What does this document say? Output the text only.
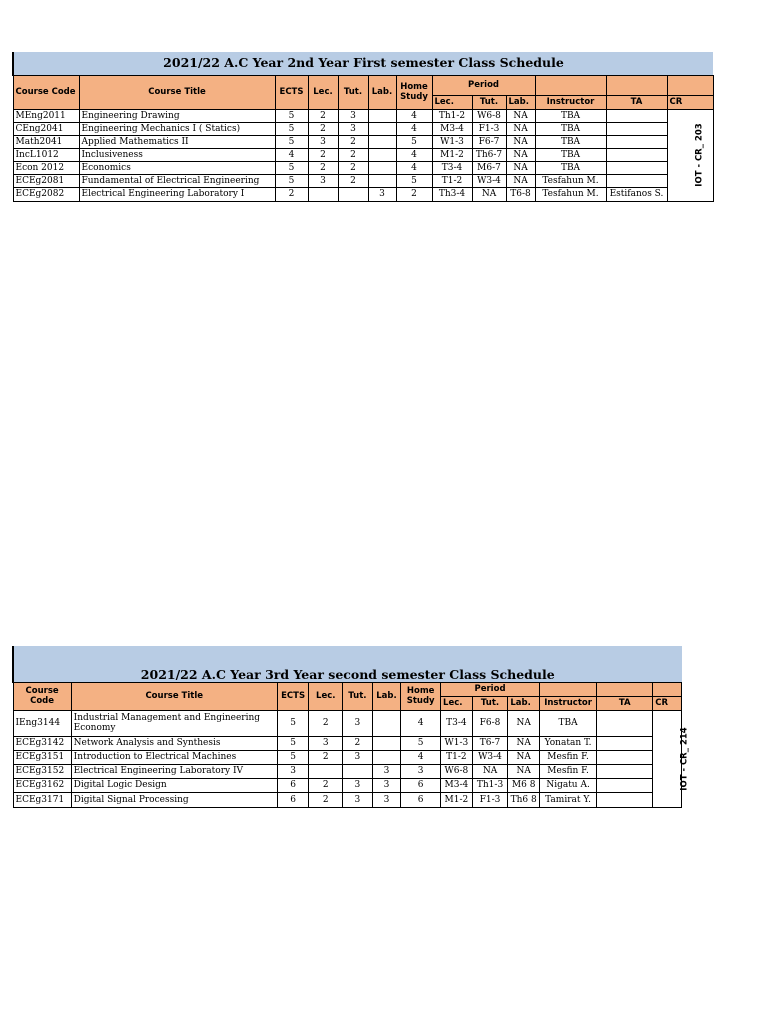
2021/22 A.C Year 2nd Year First semester Class Schedule												
Course Code	Course Title	ECTS	Lec.	Tut.	Lab.	Home Study	Period					
							Lec.	Tut.	Lab.	Instructor	TA	CR
MEng2011	Engineering Drawing	5	2	3		4	Th1-2	W6-8	NA	TBA		IOT - CR_ 203
CEng2041	Engineering Mechanics I ( Statics)	5	2	3		4	M3-4	F1-3	NA	TBA		
Math2041	Applied Mathematics II	5	3	2		5	W1-3	F6-7	NA	TBA		
IncL1012	Inclusiveness	4	2	2		4	M1-2	Th6-7	NA	TBA		
Econ 2012	Economics	5	2	2		4	T3-4	M6-7	NA	TBA		
ECEg2081	Fundamental of Electrical Engineering	5	3	2		5	T1-2	W3-4	NA	Tesfahun M.		
ECEg2082	Electrical Engineering Laboratory I	2			3	2	Th3-4	NA	T6-8	Tesfahun M.	Estifanos S.	
2021/22 A.C Year 3rd Year second semester Class Schedule												
Course Code	Course Title	ECTS	Lec.	Tut.	Lab.	Home Study	Period					
							Lec.	Tut.	Lab.	Instructor	TA	CR
IEng3144	Industrial Management and Engineering Economy	5	2	3		4	T3-4	F6-8	NA	TBA		IOT - CR_ 214
ECEg3142	Network Analysis and Synthesis	5	3	2		5	W1-3	T6-7	NA	Yonatan T.		
ECEg3151	Introduction to Electrical Machines	5	2	3		4	T1-2	W3-4	NA	Mesfin F.		
ECEg3152	Electrical Engineering Laboratory IV	3			3	3	W6-8	NA	NA	Mesfin F.		
ECEg3162	Digital Logic Design	6	2	3	3	6	M3-4	Th1-3	M6 8	Nigatu A.		
ECEg3171	Digital Signal Processing	6	2	3	3	6	M1-2	F1-3	Th6 8	Tamirat Y.		
